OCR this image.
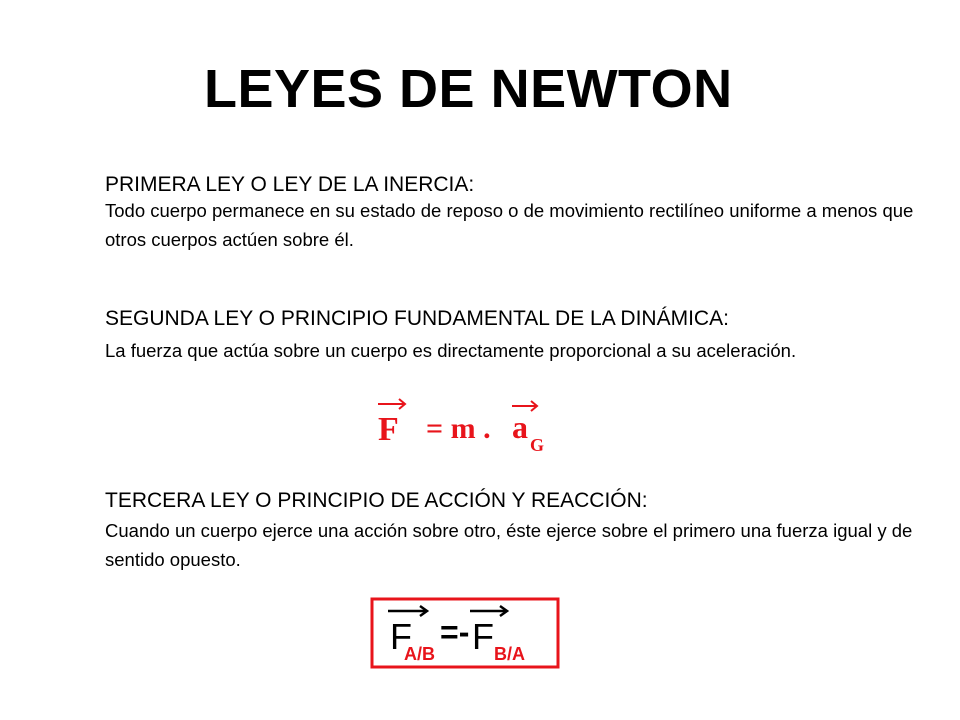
LEYES DE NEWTON
PRIMERA LEY O LEY DE LA INERCIA:
Todo cuerpo permanece en su estado de reposo o de movimiento rectilíneo uniforme a menos que otros cuerpos actúen sobre él.
SEGUNDA LEY O PRINCIPIO FUNDAMENTAL DE LA DINÁMICA:
La fuerza que actúa sobre un cuerpo es directamente proporcional a su aceleración.
F = m . a G
TERCERA LEY O PRINCIPIO DE ACCIÓN Y REACCIÓN:
Cuando un cuerpo ejerce una acción sobre otro, éste ejerce sobre el primero una fuerza igual y de sentido opuesto.
F
A/B
=- F B/A
